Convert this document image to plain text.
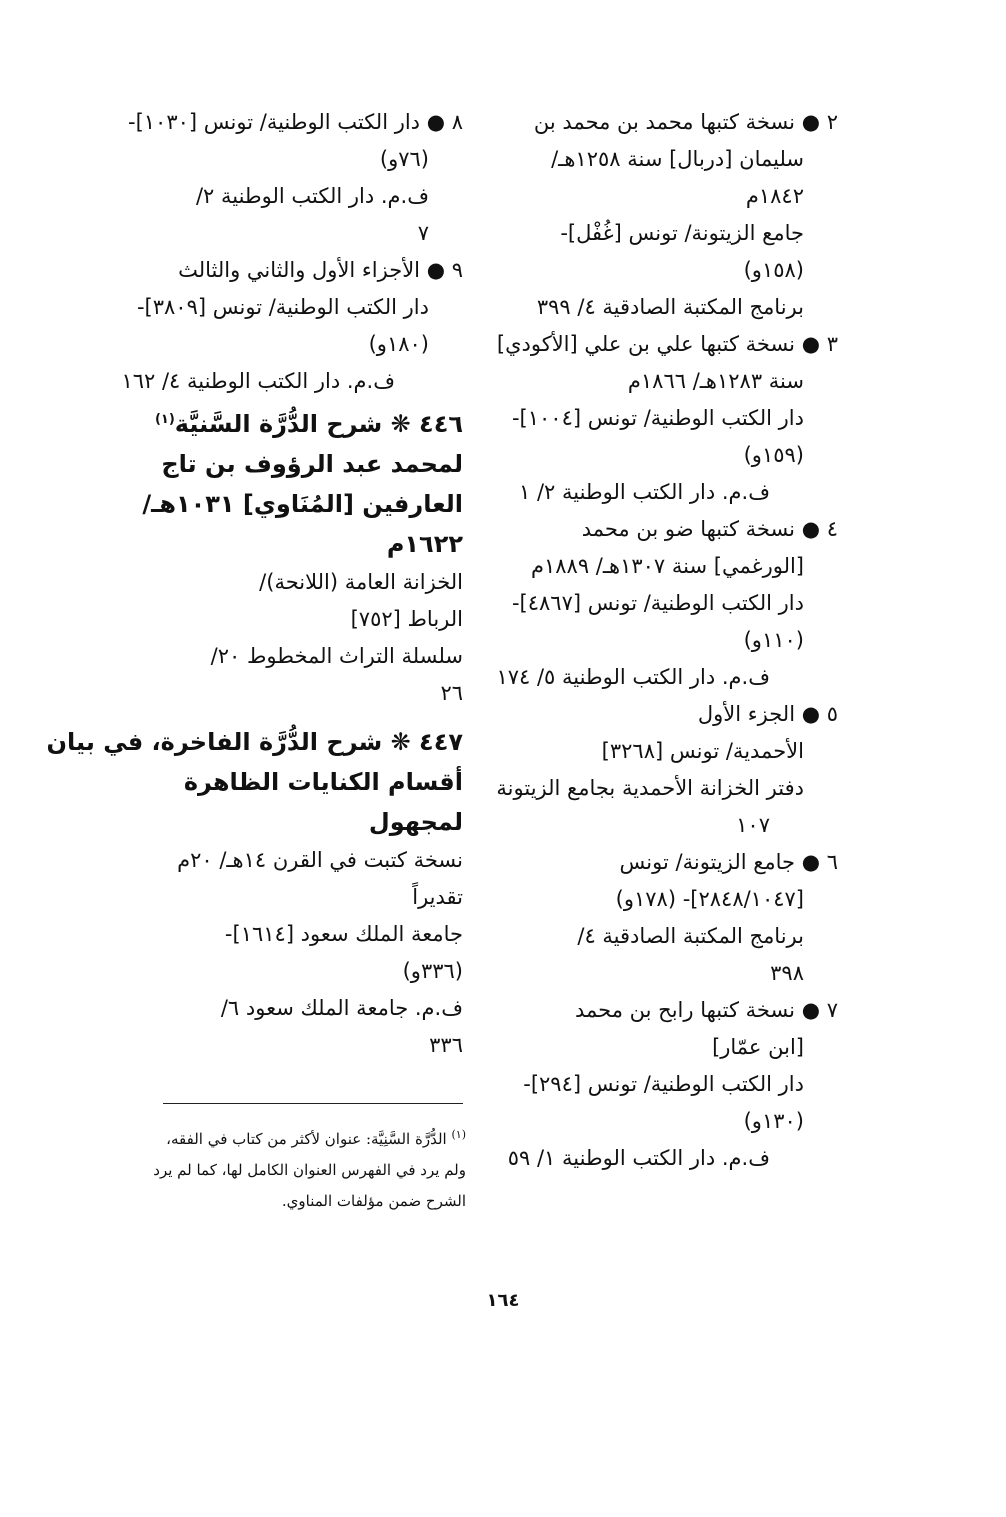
٢ ● نسخة كتبها محمد بن محمد بن
سليمان [دربال] سنة ١٢٥٨هـ/
١٨٤٢م
جامع الزيتونة/ تونس [غُفْل]-
(١٥٨و)
برنامج المكتبة الصادقية ٤/ ٣٩٩
٣ ● نسخة كتبها علي بن علي [الأكودي]
سنة ١٢٨٣هـ/ ١٨٦٦م
دار الكتب الوطنية/ تونس [١٠٠٤]-
(١٥٩و)
ف.م. دار الكتب الوطنية ٢/ ١
٤ ● نسخة كتبها ضو بن محمد
[الورغمي] سنة ١٣٠٧هـ/ ١٨٨٩م
دار الكتب الوطنية/ تونس [٤٨٦٧]-
(١١٠و)
ف.م. دار الكتب الوطنية ٥/ ١٧٤
٥ ● الجزء الأول
الأحمدية/ تونس [٣٢٦٨]
دفتر الخزانة الأحمدية بجامع الزيتونة
١٠٧
٦ ● جامع الزيتونة/ تونس
[٢٨٤٨/١٠٤٧]- (١٧٨و)
برنامج المكتبة الصادقية ٤/
٣٩٨
٧ ● نسخة كتبها رابح بن محمد
[ابن عمّار]
دار الكتب الوطنية/ تونس [٢٩٤]-
(١٣٠و)
ف.م. دار الكتب الوطنية ١/ ٥٩
٨ ● دار الكتب الوطنية/ تونس [١٠٣٠]-
(٧٦و)
ف.م. دار الكتب الوطنية ٢/
٧
٩ ● الأجزاء الأول والثاني والثالث
دار الكتب الوطنية/ تونس [٣٨٠٩]-
(١٨٠و)
ف.م. دار الكتب الوطنية ٤/ ١٦٢
٤٤٦ ❋ شرح الدُّرَّة السَّنيَّة$^{(١)}$
لمحمد عبد الرؤوف بن تاج
العارفين [المُنَاوي] ١٠٣١هـ/
١٦٢٢م
الخزانة العامة (اللانحة)/
الرباط [٧٥٢]
سلسلة التراث المخطوط ٢٠/
٢٦
٤٤٧ ❋ شرح الدُّرَّة الفاخرة، في بيان
أقسام الكنايات الظاهرة
لمجهول
نسخة كتبت في القرن ١٤هـ/ ٢٠م
تقديراً
جامعة الملك سعود [١٦١٤]-
(٣٣٦و)
ف.م. جامعة الملك سعود ٦/
٣٣٦
$^{(١)}$ الدُّرَّة السَّنِيَّة: عنوان لأكثر من كتاب في الفقه،
ولم يرد في الفهرس العنوان الكامل لها، كما لم يرد
الشرح ضمن مؤلفات المناوي.
١٦٤
